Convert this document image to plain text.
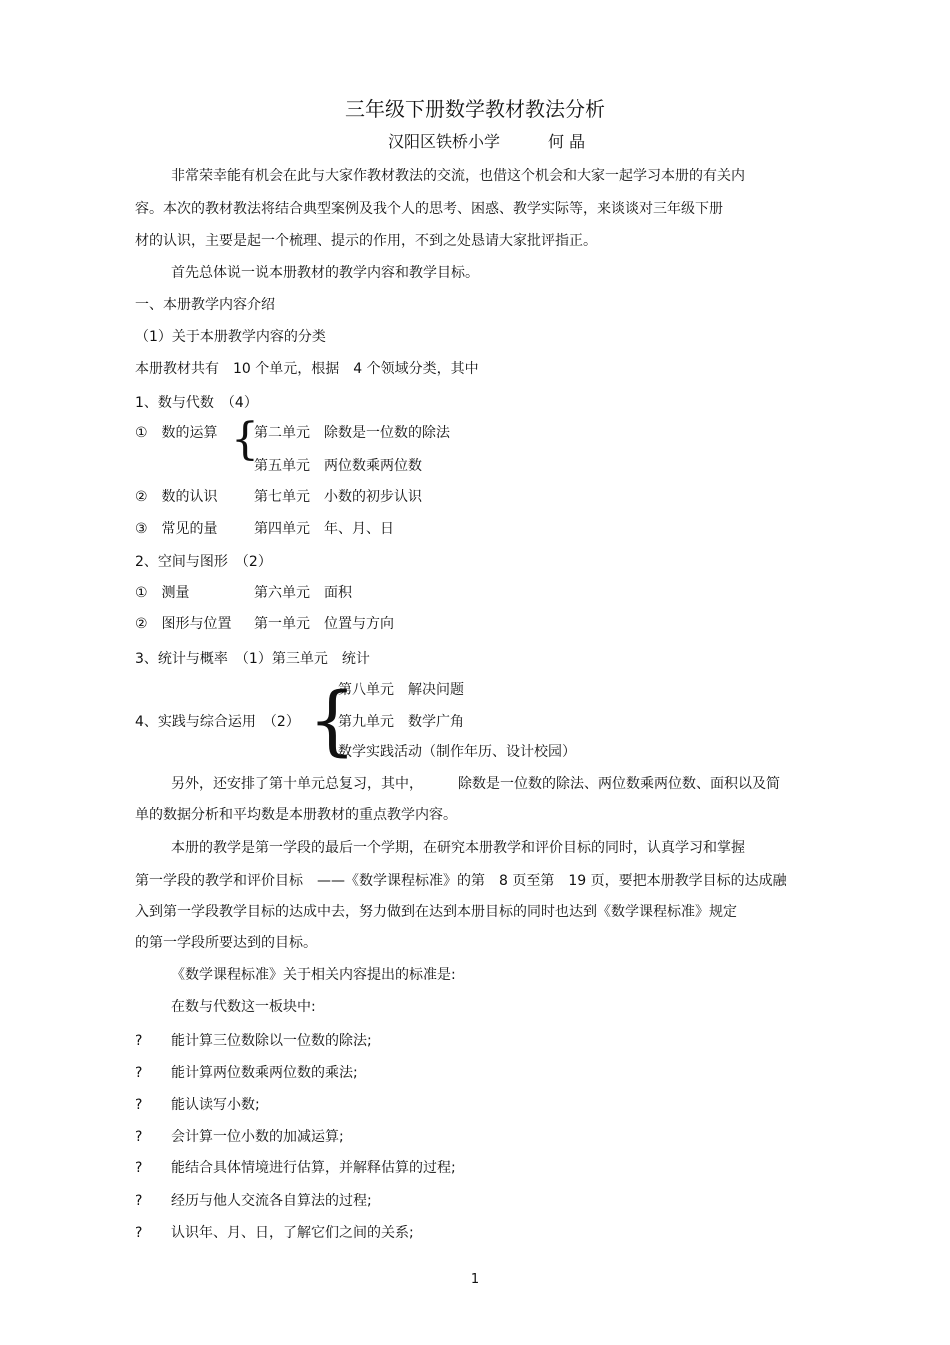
三年级下册数学教材教法分析
汉阳区铁桥小学	何 晶
非常荣幸能有机会在此与大家作教材教法的交流，也借这个机会和大家一起学习本册的有关内
容。本次的教材教法将结合典型案例及我个人的思考、困惑、教学实际等，来谈谈对三年级下册
材的认识，主要是起一个梳理、提示的作用，不到之处恳请大家批评指正。
首先总体说一说本册教材的教学内容和教学目标。
一、本册教学内容介绍
（1）关于本册教学内容的分类
本册教材共有　10 个单元，根据　4 个领域分类，其中
1、数与代数　（4）
①　数的运算 {
第二单元　除数是一位数的除法
第五单元　两位数乘两位数
②　数的认识	第七单元　小数的初步认识
③　常见的量	第四单元　年、月、日
2、空间与图形　（2）
①　测量	第六单元　面积
②　图形与位置 第一单元　位置与方向
3、统计与概率　（1）第三单元　统计
4、实践与综合运用　（2） {
第八单元　解决问题
第九单元　数学广角
数学实践活动（制作年历、设计校园）
另外，还安排了第十单元总复习，其中，　　　除数是一位数的除法、两位数乘两位数、面积以及简
单的数据分析和平均数是本册教材的重点教学内容。
本册的教学是第一学段的最后一个学期，在研究本册教学和评价目标的同时，认真学习和掌握
第一学段的教学和评价目标　——《数学课程标准》的第　8 页至第　19 页，要把本册教学目标的达成融
入到第一学段教学目标的达成中去，努力做到在达到本册目标的同时也达到《数学课程标准》规定
的第一学段所要达到的目标。
《数学课程标准》关于相关内容提出的标准是:
在数与代数这一板块中:
? 能计算三位数除以一位数的除法;
? 能计算两位数乘两位数的乘法;
? 能认读写小数;
? 会计算一位小数的加减运算;
? 能结合具体情境进行估算，并解释估算的过程;
? 经历与他人交流各自算法的过程;
? 认识年、月、日，了解它们之间的关系;
1
